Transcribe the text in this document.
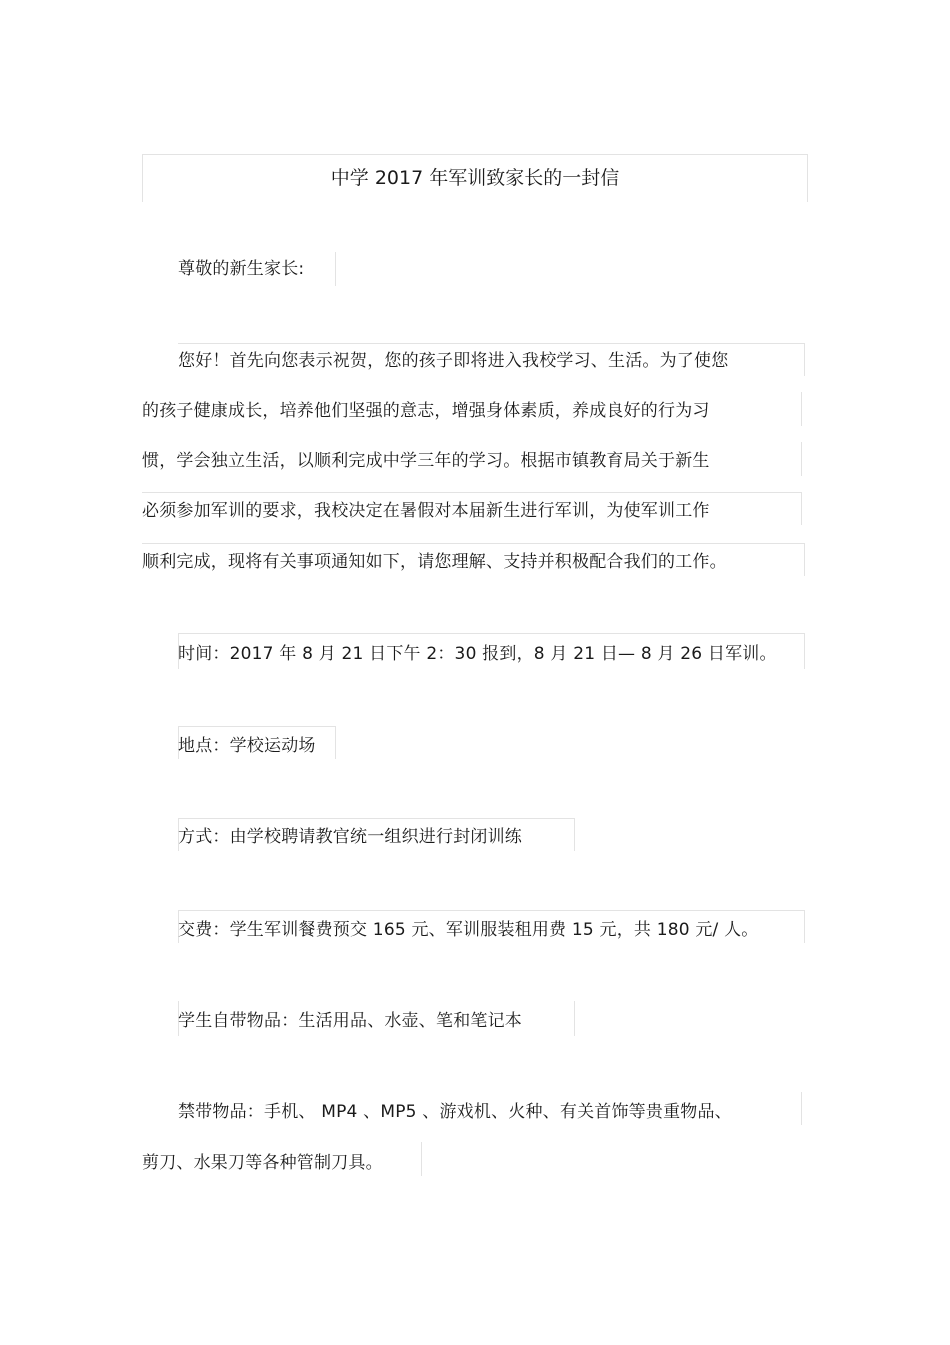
中学 2017 年军训致家长的一封信
尊敬的新生家长:
您好！首先向您表示祝贺，您的孩子即将进入我校学习、生活。为了使您
的孩子健康成长，培养他们坚强的意志，增强身体素质，养成良好的行为习
惯，学会独立生活，以顺利完成中学三年的学习。根据市镇教育局关于新生
必须参加军训的要求，我校决定在暑假对本届新生进行军训，为使军训工作
顺利完成，现将有关事项通知如下，请您理解、支持并积极配合我们的工作。
时间：2017 年 8 月 21 日下午 2：30 报到，8 月 21 日— 8 月 26 日军训。
地点：学校运动场
方式：由学校聘请教官统一组织进行封闭训练
交费：学生军训餐费预交 165 元、军训服装租用费 15 元，共 180 元/ 人。
学生自带物品：生活用品、水壶、笔和笔记本
禁带物品：手机、 MP4 、MP5 、游戏机、火种、有关首饰等贵重物品、
剪刀、水果刀等各种管制刀具。
